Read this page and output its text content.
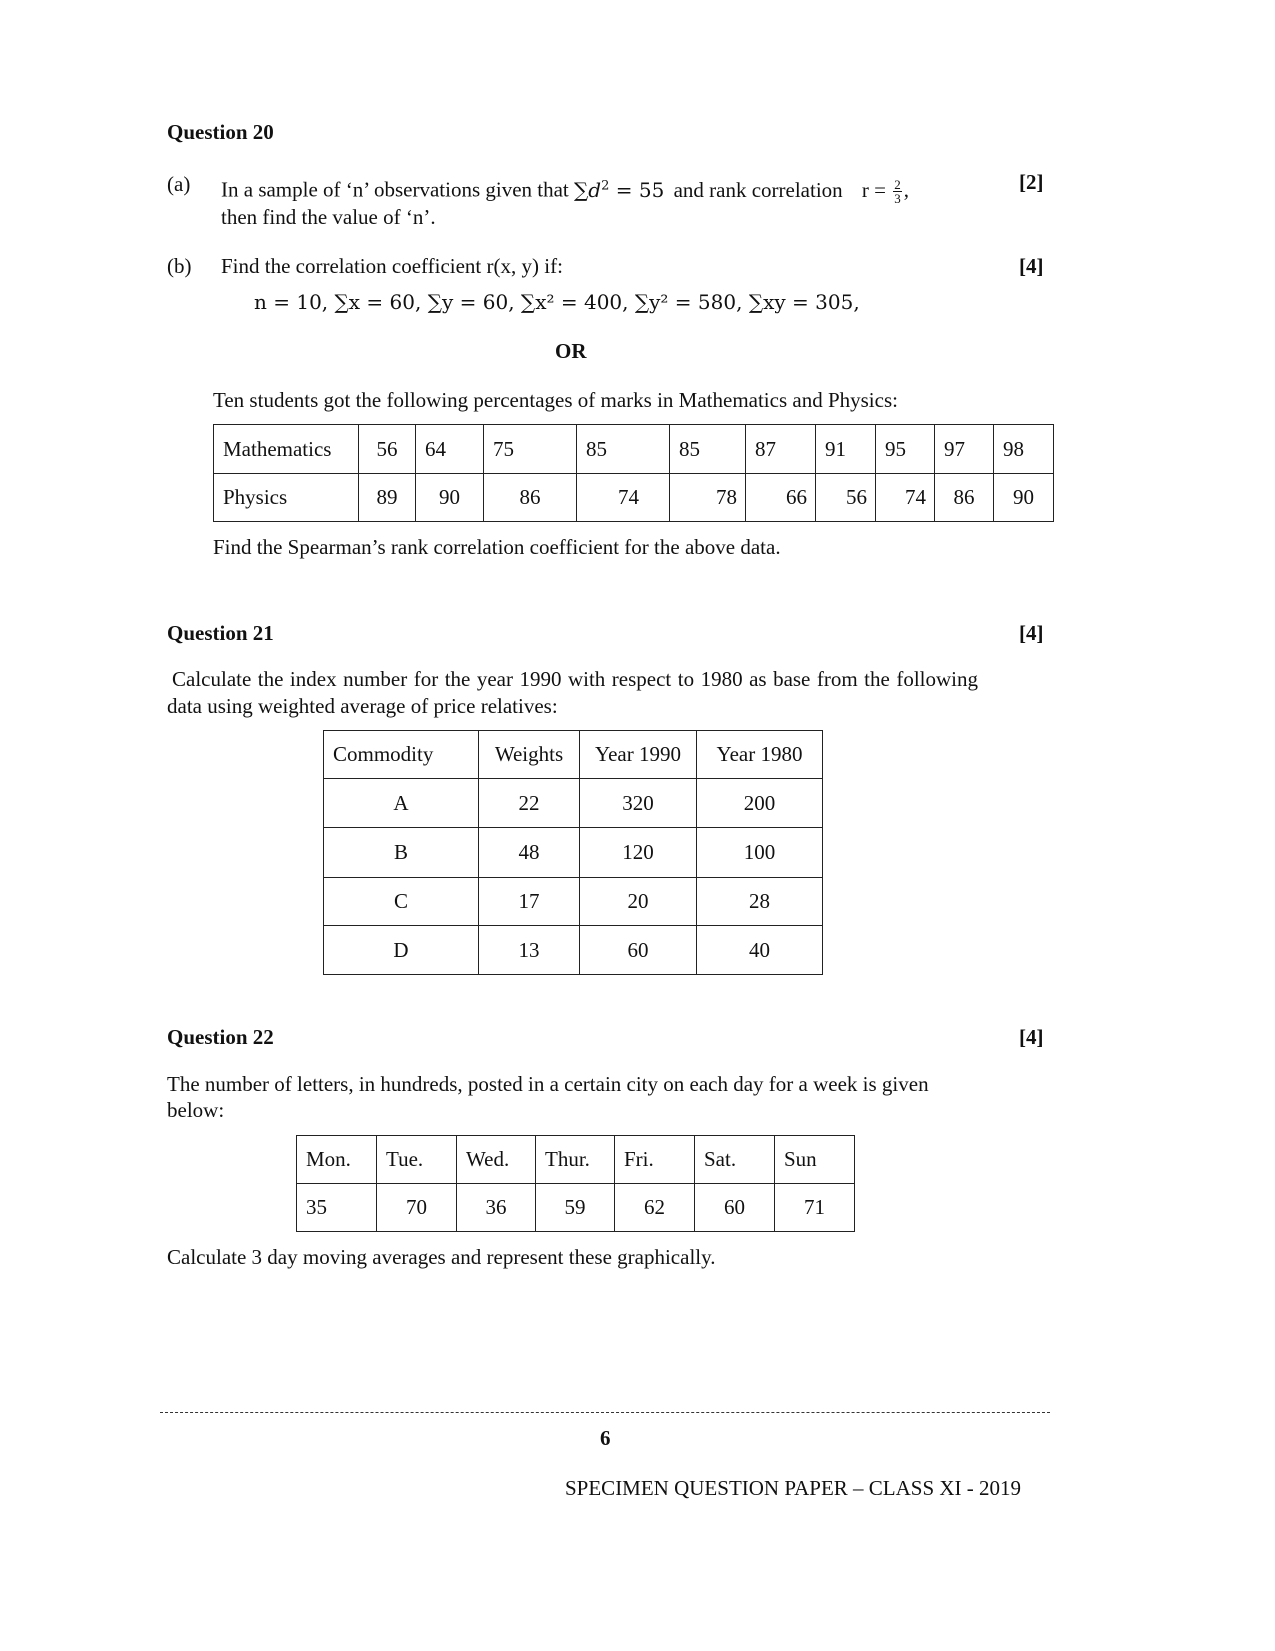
Question 20
(a) In a sample of ‘n’ observations given that $\sum d^2 = 55$ and rank correlation $r = \frac{2}{3}$ ,	[2]
then find the value of ‘n’.
(b) Find the correlation coefficient r(x, y) if:	[4]
n = 10, ∑x = 60, ∑y = 60, ∑x² = 400, ∑y² = 580, ∑xy = 305,
OR
Ten students got the following percentages of marks in Mathematics and Physics:
Mathematics	56	64	75	85	85	87	91	95	97	98
Physics	89	90	86	74	78	66	56	74	86	90
Find the Spearman’s rank correlation coefficient for the above data.
Question 21	[4]
Calculate the index number for the year 1990 with respect to 1980 as base from the following data using weighted average of price relatives:
Commodity	Weights	Year 1990	Year 1980
A	22	320	200
B	48	120	100
C	17	20	28
D	13	60	40
Question 22	[4]
The number of letters, in hundreds, posted in a certain city on each day for a week is given below:
Mon.	Tue.	Wed.	Thur.	Fri.	Sat.	Sun
35	70	36	59	62	60	71
Calculate 3 day moving averages and represent these graphically.
6
SPECIMEN QUESTION PAPER – CLASS XI - 2019
